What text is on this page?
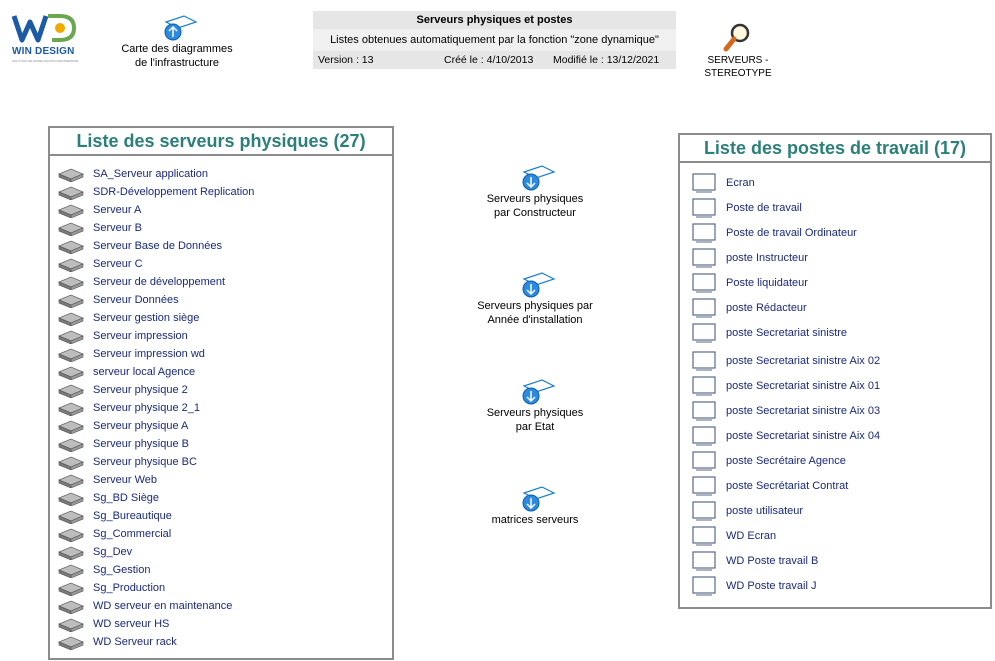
WIN DESIGN
SOLUTION DE MODELISATION D'ENTREPRISE
Carte des diagrammes
de l'infrastructure
Serveurs physiques et postes
Listes obtenues automatiquement par la fonction "zone dynamique"
Version : 13	Créé le : 4/10/2013 Modifié le : 13/12/2021	SERVEURS -
STEREOTYPE
Liste des serveurs physiques (27)
SA_Serveur application
SDR-Développement Replication
Serveur A
Serveur B
Serveur Base de Données
Serveur C
Serveur de développement
Serveur Données
Serveur gestion siège
Serveur impression
Serveur impression wd
serveur local Agence
Serveur physique 2
Serveur physique 2_1
Serveur physique A
Serveur physique B
Serveur physique BC
Serveur Web
Sg_BD Siège
Sg_Bureautique
Sg_Commercial
Sg_Dev
Sg_Gestion
Sg_Production
WD serveur en maintenance
WD serveur HS
WD Serveur rack
Serveurs physiques
par Constructeur
Serveurs physiques par
Année d'installation
Serveurs physiques
par Etat
matrices serveurs
Liste des postes de travail (17)
Ecran
Poste de travail
Poste de travail Ordinateur
poste Instructeur
Poste liquidateur
poste Rédacteur
poste Secretariat sinistre
poste Secretariat sinistre Aix 02
poste Secretariat sinistre Aix 01
poste Secretariat sinistre Aix 03
poste Secretariat sinistre Aix 04
poste Secrétaire Agence
poste Secrétariat Contrat
poste utilisateur
WD Ecran
WD Poste travail B
WD Poste travail J
